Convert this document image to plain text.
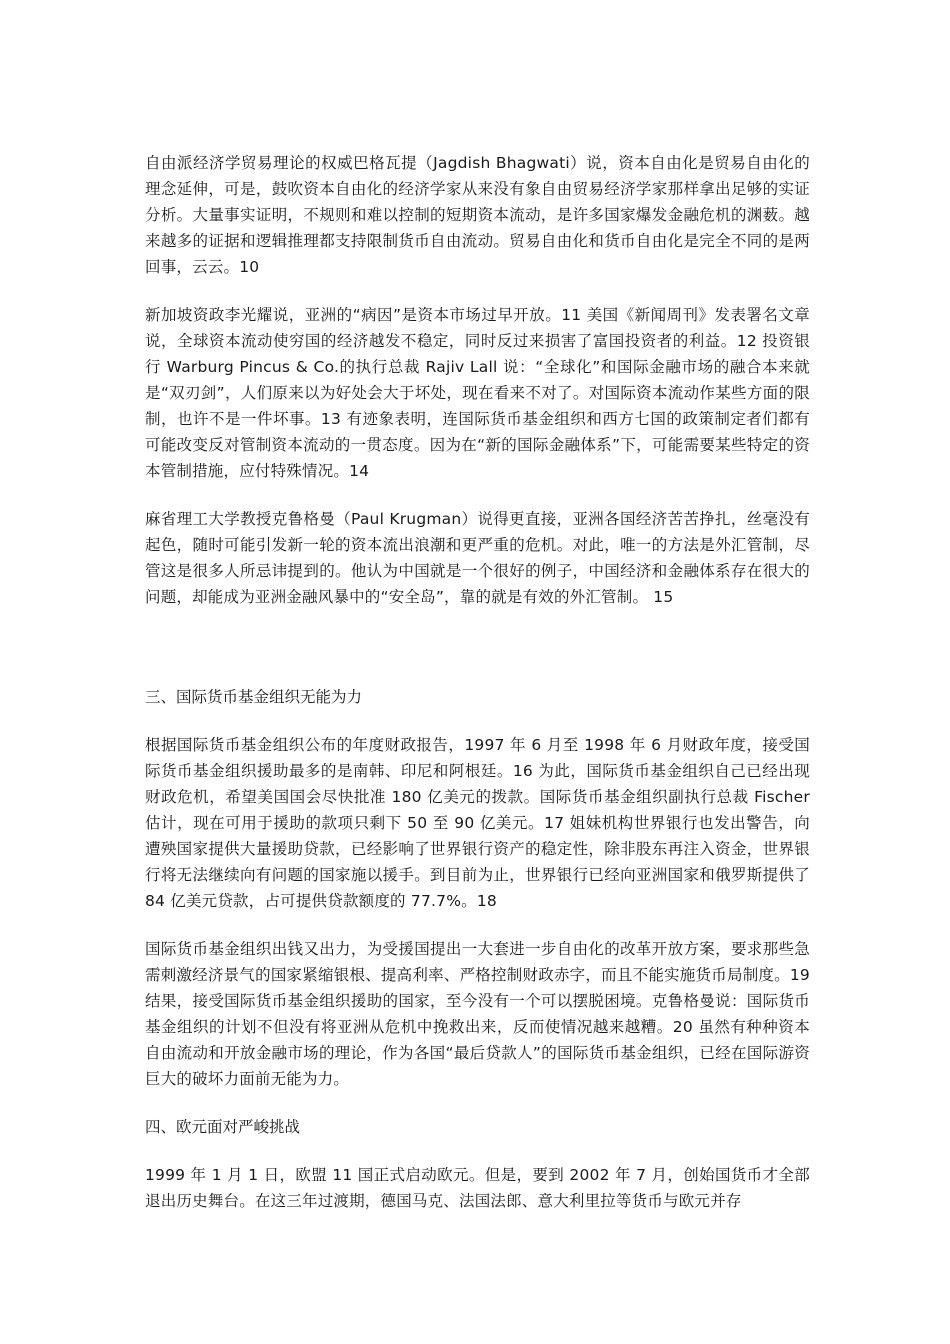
自由派经济学贸易理论的权威巴格瓦提（Jagdish Bhagwati）说，资本自由化是贸易自由化的理念延伸，可是，鼓吹资本自由化的经济学家从来没有象自由贸易经济学家那样拿出足够的实证分析。大量事实证明，不规则和难以控制的短期资本流动，是许多国家爆发金融危机的渊薮。越来越多的证据和逻辑推理都支持限制货币自由流动。贸易自由化和货币自由化是完全不同的是两回事，云云。10

新加坡资政李光耀说，亚洲的“病因”是资本市场过早开放。11 美国《新闻周刊》发表署名文章说，全球资本流动使穷国的经济越发不稳定，同时反过来损害了富国投资者的利益。12 投资银行 Warburg Pincus & Co.的执行总裁 Rajiv Lall 说：“全球化”和国际金融市场的融合本来就是“双刃剑”，人们原来以为好处会大于坏处，现在看来不对了。对国际资本流动作某些方面的限制，也许不是一件坏事。13 有迹象表明，连国际货币基金组织和西方七国的政策制定者们都有可能改变反对管制资本流动的一贯态度。因为在“新的国际金融体系”下，可能需要某些特定的资本管制措施，应付特殊情况。14

麻省理工大学教授克鲁格曼（Paul Krugman）说得更直接，亚洲各国经济苦苦挣扎，丝毫没有起色，随时可能引发新一轮的资本流出浪潮和更严重的危机。对此，唯一的方法是外汇管制，尽管这是很多人所忌讳提到的。他认为中国就是一个很好的例子，中国经济和金融体系存在很大的问题，却能成为亚洲金融风暴中的“安全岛”，靠的就是有效的外汇管制。 15

三、国际货币基金组织无能为力

根据国际货币基金组织公布的年度财政报告，1997 年 6 月至 1998 年 6 月财政年度，接受国际货币基金组织援助最多的是南韩、印尼和阿根廷。16 为此，国际货币基金组织自己已经出现财政危机，希望美国国会尽快批准 180 亿美元的拨款。国际货币基金组织副执行总裁 Fischer 估计，现在可用于援助的款项只剩下 50 至 90 亿美元。17 姐妹机构世界银行也发出警告，向遭殃国家提供大量援助贷款，已经影响了世界银行资产的稳定性，除非股东再注入资金，世界银行将无法继续向有问题的国家施以援手。到目前为止，世界银行已经向亚洲国家和俄罗斯提供了 84 亿美元贷款，占可提供贷款额度的 77.7%。18

国际货币基金组织出钱又出力，为受援国提出一大套进一步自由化的改革开放方案，要求那些急需刺激经济景气的国家紧缩银根、提高利率、严格控制财政赤字，而且不能实施货币局制度。19 结果，接受国际货币基金组织援助的国家，至今没有一个可以摆脱困境。克鲁格曼说：国际货币基金组织的计划不但没有将亚洲从危机中挽救出来，反而使情况越来越糟。20 虽然有种种资本自由流动和开放金融市场的理论，作为各国“最后贷款人”的国际货币基金组织，已经在国际游资巨大的破坏力面前无能为力。

四、欧元面对严峻挑战

1999 年 1 月 1 日，欧盟 11 国正式启动欧元。但是，要到 2002 年 7 月，创始国货币才全部退出历史舞台。在这三年过渡期，德国马克、法国法郎、意大利里拉等货币与欧元并存
